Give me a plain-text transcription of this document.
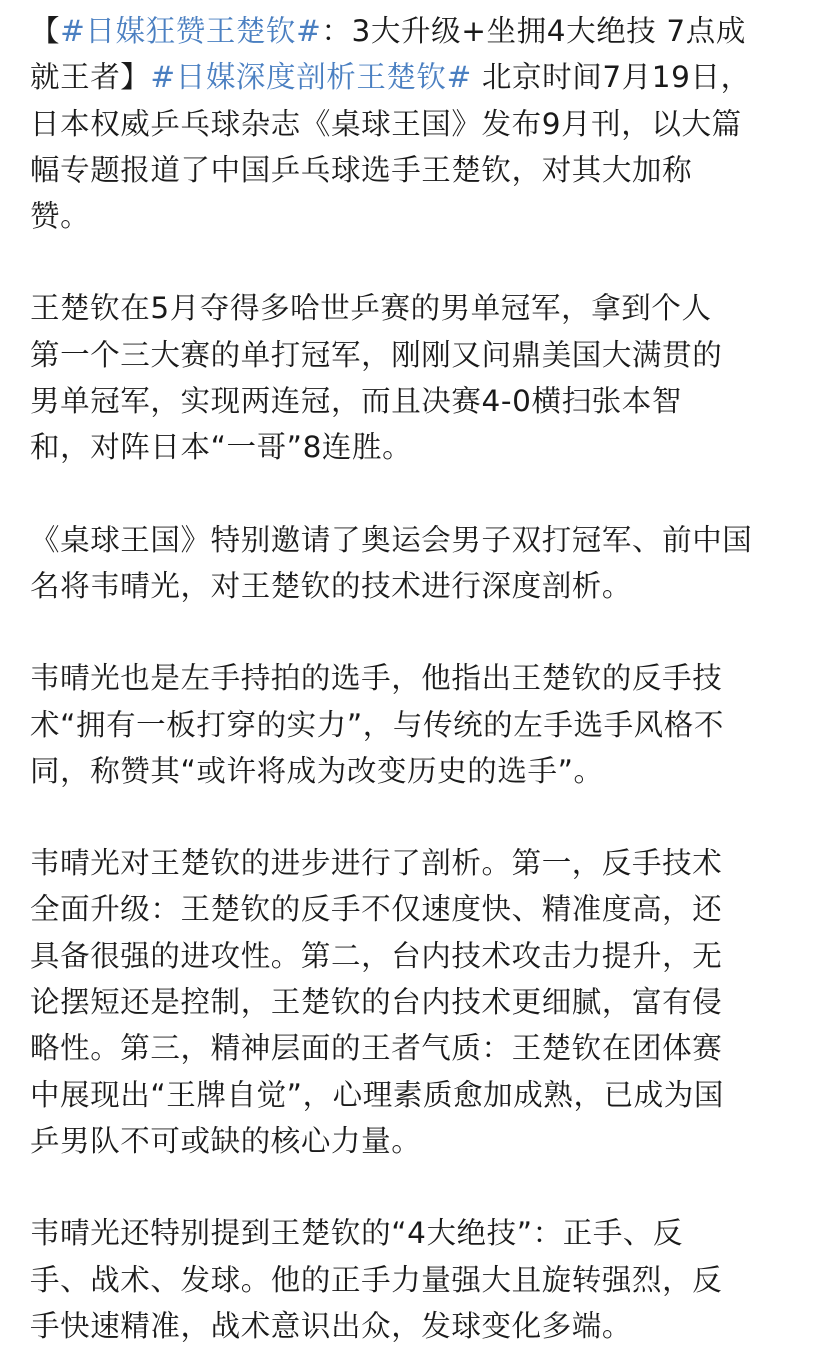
【#日媒狂赞王楚钦#：3大升级+坐拥4大绝技 7点成
就王者】#日媒深度剖析王楚钦# 北京时间7月19日，
日本权威乒乓球杂志《桌球王国》发布9月刊，以大篇
幅专题报道了中国乒乓球选手王楚钦，对其大加称
赞。

王楚钦在5月夺得多哈世乒赛的男单冠军，拿到个人
第一个三大赛的单打冠军，刚刚又问鼎美国大满贯的
男单冠军，实现两连冠，而且决赛4-0横扫张本智
和，对阵日本“一哥”8连胜。

《桌球王国》特别邀请了奥运会男子双打冠军、前中国
名将韦晴光，对王楚钦的技术进行深度剖析。

韦晴光也是左手持拍的选手，他指出王楚钦的反手技
术“拥有一板打穿的实力”，与传统的左手选手风格不
同，称赞其“或许将成为改变历史的选手”。

韦晴光对王楚钦的进步进行了剖析。第一，反手技术
全面升级：王楚钦的反手不仅速度快、精准度高，还
具备很强的进攻性。第二，台内技术攻击力提升，无
论摆短还是控制，王楚钦的台内技术更细腻，富有侵
略性。第三，精神层面的王者气质：王楚钦在团体赛
中展现出“王牌自觉”，心理素质愈加成熟，已成为国
乒男队不可或缺的核心力量。

韦晴光还特别提到王楚钦的“4大绝技”：正手、反
手、战术、发球。他的正手力量强大且旋转强烈，反
手快速精准，战术意识出众，发球变化多端。
